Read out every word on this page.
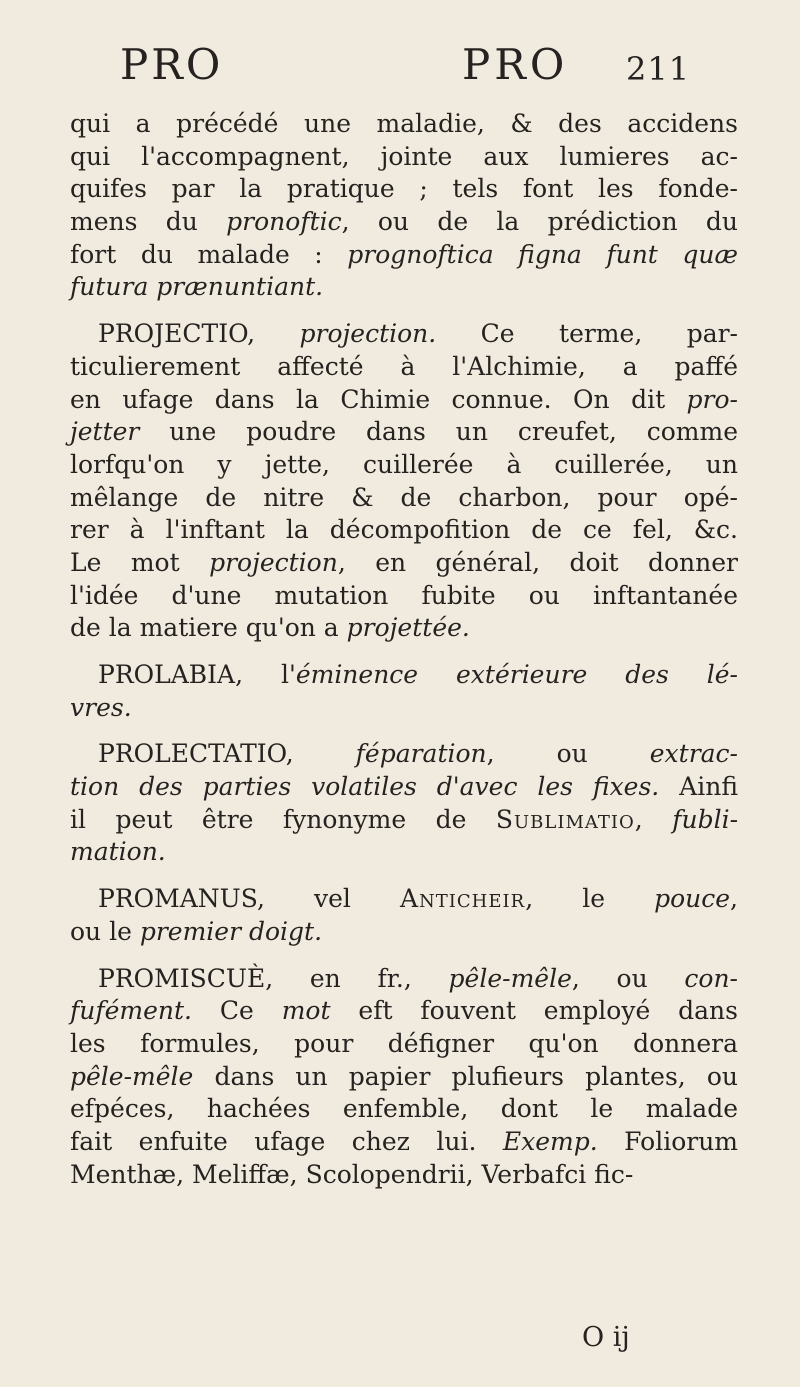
PRO	PRO 211
qui a précédé une maladie, & des accidens
qui l'accompagnent, jointe aux lumieres ac-
quifes par la pratique ; tels font les fonde-
mens du pronoftic, ou de la prédiction du
fort du malade : prognoftica figna funt quæ
futura prænuntiant.
PROJECTIO, projection. Ce terme, par-
ticulierement affecté à l'Alchimie, a paffé
en ufage dans la Chimie connue. On dit pro-
jetter une poudre dans un creufet, comme
lorfqu'on y jette, cuillerée à cuillerée, un
mêlange de nitre & de charbon, pour opé-
rer à l'inftant la décompofition de ce fel, &c.
Le mot projection, en général, doit donner
l'idée d'une mutation fubite ou inftantanée
de la matiere qu'on a projettée.
PROLABIA, l'éminence extérieure des lé-
vres.
PROLECTATIO, féparation, ou extrac-
tion des parties volatiles d'avec les fixes. Ainfi
il peut être fynonyme de Sublimatio, fubli-
mation.
PROMANUS, vel Anticheir, le pouce,
ou le premier doigt.
PROMISCUÈ, en fr., pêle-mêle, ou con-
fufément. Ce mot eft fouvent employé dans
les formules, pour défigner qu'on donnera
pêle-mêle dans un papier plufieurs plantes, ou
efpéces, hachées enfemble, dont le malade
fait enfuite ufage chez lui. Exemp. Foliorum
Menthæ, Meliffæ, Scolopendrii, Verbafci fic-
O ij
